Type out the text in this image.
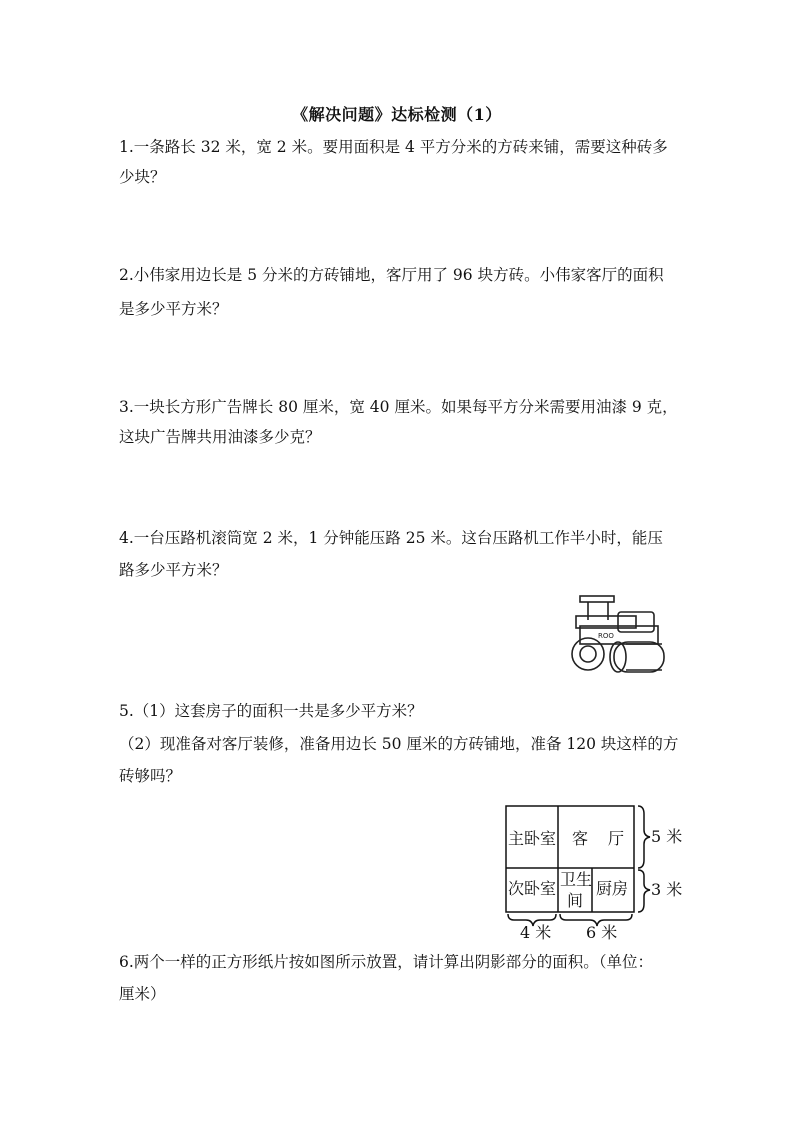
《解决问题》达标检测（1）
1.一条路长 32 米，宽 2 米。要用面积是 4 平方分米的方砖来铺，需要这种砖多
少块？
2.小伟家用边长是 5 分米的方砖铺地，客厅用了 96 块方砖。小伟家客厅的面积
是多少平方米？
3.一块长方形广告牌长 80 厘米，宽 40 厘米。如果每平方分米需要用油漆 9 克，
这块广告牌共用油漆多少克？
4.一台压路机滚筒宽 2 米，1 分钟能压路 25 米。这台压路机工作半小时，能压
路多少平方米？
ROO
5.（1）这套房子的面积一共是多少平方米？
（2）现准备对客厅装修，准备用边长 50 厘米的方砖铺地，准备 120 块这样的方
砖够吗？
主卧室 客 厅
次卧室 卫生
间
厨房
5 米
3 米
4 米 6 米
6.两个一样的正方形纸片按如图所示放置，请计算出阴影部分的面积。（单位：
厘米）
